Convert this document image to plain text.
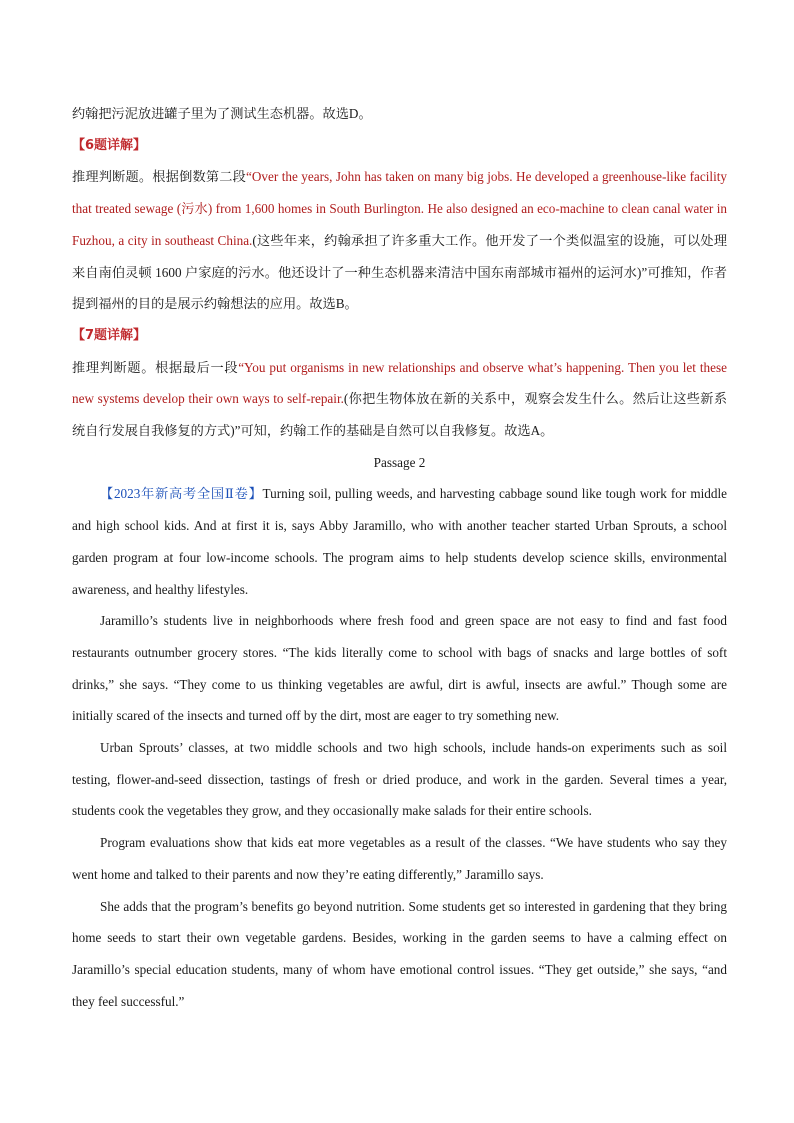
约翰把污泥放进罐子里为了测试生态机器。故选D。

【6题详解】

推理判断题。根据倒数第二段“Over the years, John has taken on many big jobs. He developed a greenhouse-like facility that treated sewage (污水) from 1,600 homes in South Burlington. He also designed an eco-machine to clean canal water in Fuzhou, a city in southeast China.(这些年来，约翰承担了许多重大工作。他开发了一个类似温室的设施，可以处理来自南伯灵顿 1600 户家庭的污水。他还设计了一种生态机器来清洁中国东南部城市福州的运河水)”可推知，作者提到福州的目的是展示约翰想法的应用。故选B。

【7题详解】

推理判断题。根据最后一段“You put organisms in new relationships and observe what’s happening. Then you let these new systems develop their own ways to self-repair.(你把生物体放在新的关系中，观察会发生什么。然后让这些新系统自行发展自我修复的方式)”可知，约翰工作的基础是自然可以自我修复。故选A。

Passage 2

【2023年新高考全国Ⅱ卷】Turning soil, pulling weeds, and harvesting cabbage sound like tough work for middle and high school kids. And at first it is, says Abby Jaramillo, who with another teacher started Urban Sprouts, a school garden program at four low-income schools. The program aims to help students develop science skills, environmental awareness, and healthy lifestyles.

Jaramillo’s students live in neighborhoods where fresh food and green space are not easy to find and fast food restaurants outnumber grocery stores. “The kids literally come to school with bags of snacks and large bottles of soft drinks,” she says. “They come to us thinking vegetables are awful, dirt is awful, insects are awful.” Though some are initially scared of the insects and turned off by the dirt, most are eager to try something new.

Urban Sprouts’ classes, at two middle schools and two high schools, include hands-on experiments such as soil testing, flower-and-seed dissection, tastings of fresh or dried produce, and work in the garden. Several times a year, students cook the vegetables they grow, and they occasionally make salads for their entire schools.

Program evaluations show that kids eat more vegetables as a result of the classes. “We have students who say they went home and talked to their parents and now they’re eating differently,” Jaramillo says.

She adds that the program’s benefits go beyond nutrition. Some students get so interested in gardening that they bring home seeds to start their own vegetable gardens. Besides, working in the garden seems to have a calming effect on Jaramillo’s special education students, many of whom have emotional control issues. “They get outside,” she says, “and they feel successful.”
